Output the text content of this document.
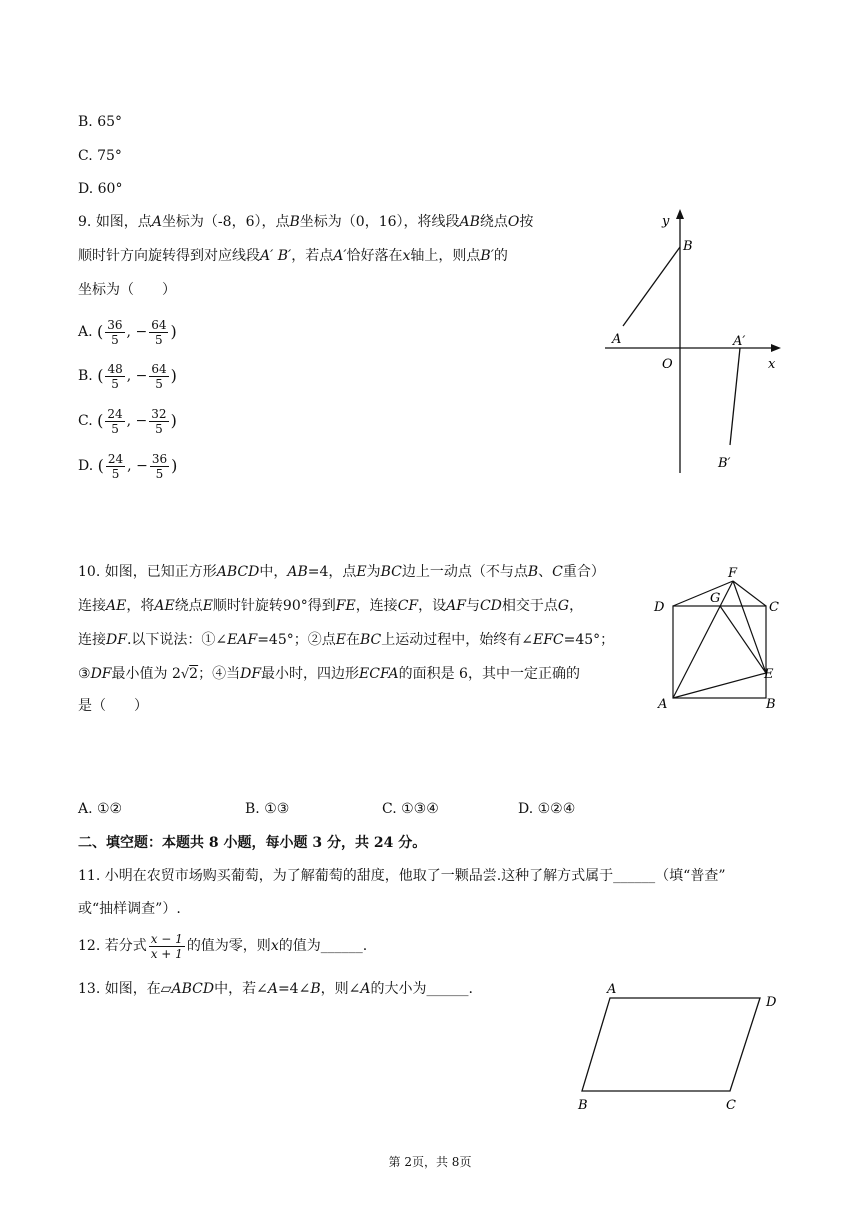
B. 65°
C. 75°
D. 60°
9. 如图，点A坐标为（-8，6），点B坐标为（0，16），将线段AB绕点O按
顺时针方向旋转得到对应线段A′ B′，若点A′恰好落在x轴上，则点B′的
坐标为（　　）
A. ( $\frac{36}{5}$ , − $\frac{64}{5}$ )
B. ( $\frac{48}{5}$ , − $\frac{64}{5}$ )
C. ( $\frac{24}{5}$ , − $\frac{32}{5}$ )
D. ( $\frac{24}{5}$ , − $\frac{36}{5}$ )
y
B
A
O
A′
x
B′
10. 如图，已知正方形ABCD中，AB=4，点E为BC边上一动点（不与点B、C重合）
连接AE，将AE绕点E顺时针旋转90°得到FE，连接CF，设AF与CD相交于点G，
连接DF.以下说法：①∠EAF=45°；②点E在BC上运动过程中，始终有∠EFC=45°；
③DF最小值为 2√2；④当DF最小时，四边形ECFA的面积是 6，其中一定正确的
是（　　）
F
D
G
C
E
A	B
A. ①②	B. ①③	C. ①③④	D. ①②④
二、填空题：本题共 8 小题，每小题 3 分，共 24 分。
11. 小明在农贸市场购买葡萄，为了解葡萄的甜度，他取了一颗品尝.这种了解方式属于______（填“普查”
或“抽样调查”）.
12. 若分式 $\frac{x - 1}{x + 1}$ 的值为零，则x的值为______.
13. 如图，在▱ABCD中，若∠A=4∠B，则∠A的大小为______.	A
D
B	C
第 2页，共 8页
